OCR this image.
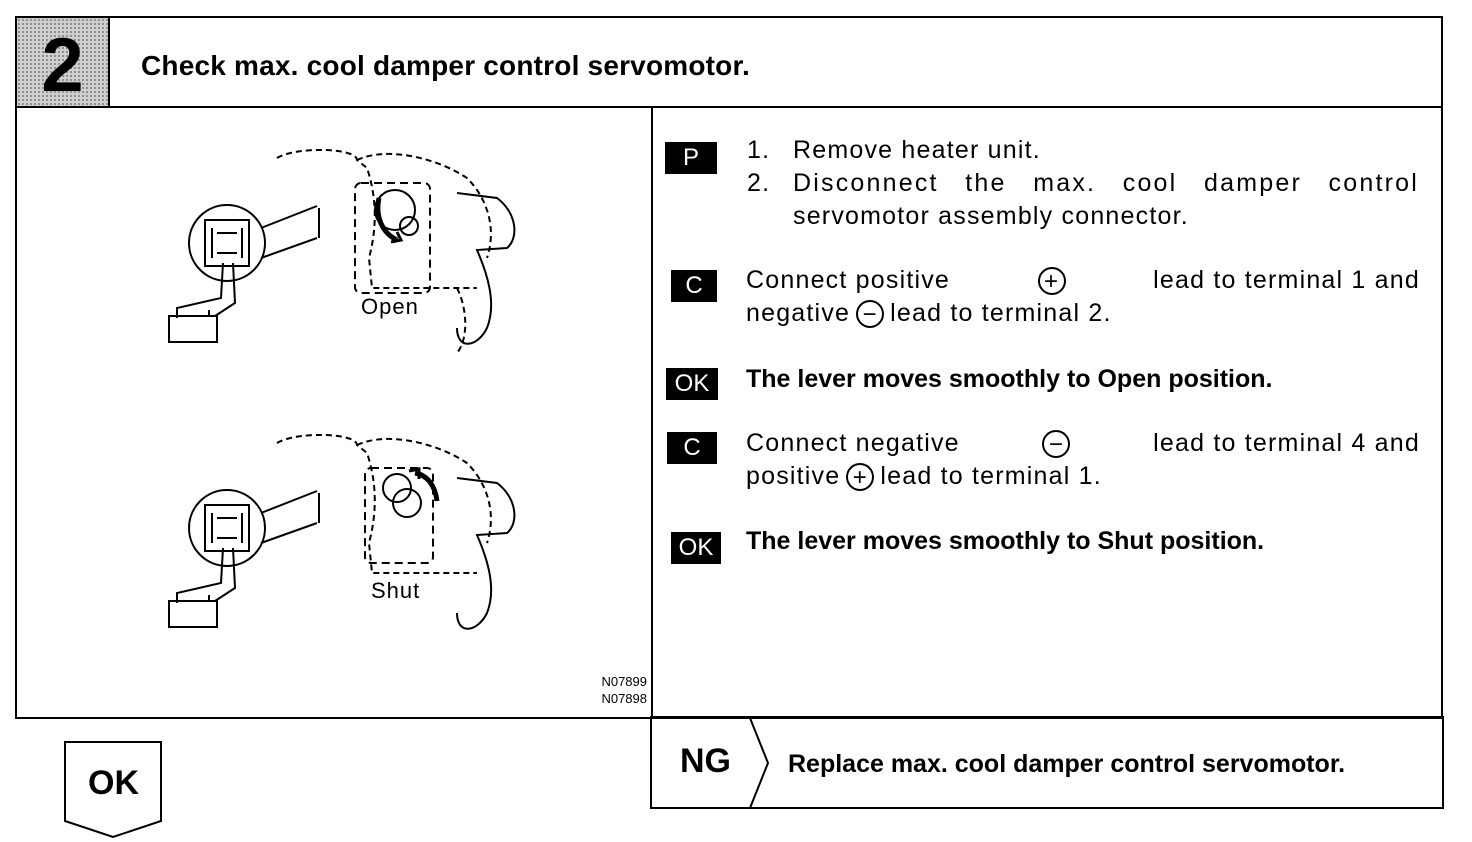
2	Check max. cool damper control servomotor.
Open
Shut
N07899
N07898
P	1. Remove heater unit.
2. Disconnect the max. cool damper control
servomotor assembly connector.
C	Connect positive	+	lead to terminal 1 and
negative − lead to terminal 2.
OK	The lever moves smoothly to Open position.
C	Connect negative	−	lead to terminal 4 and
positive + lead to terminal 1.
OK	The lever moves smoothly to Shut position.
NG Replace max. cool damper control servomotor.
OK
